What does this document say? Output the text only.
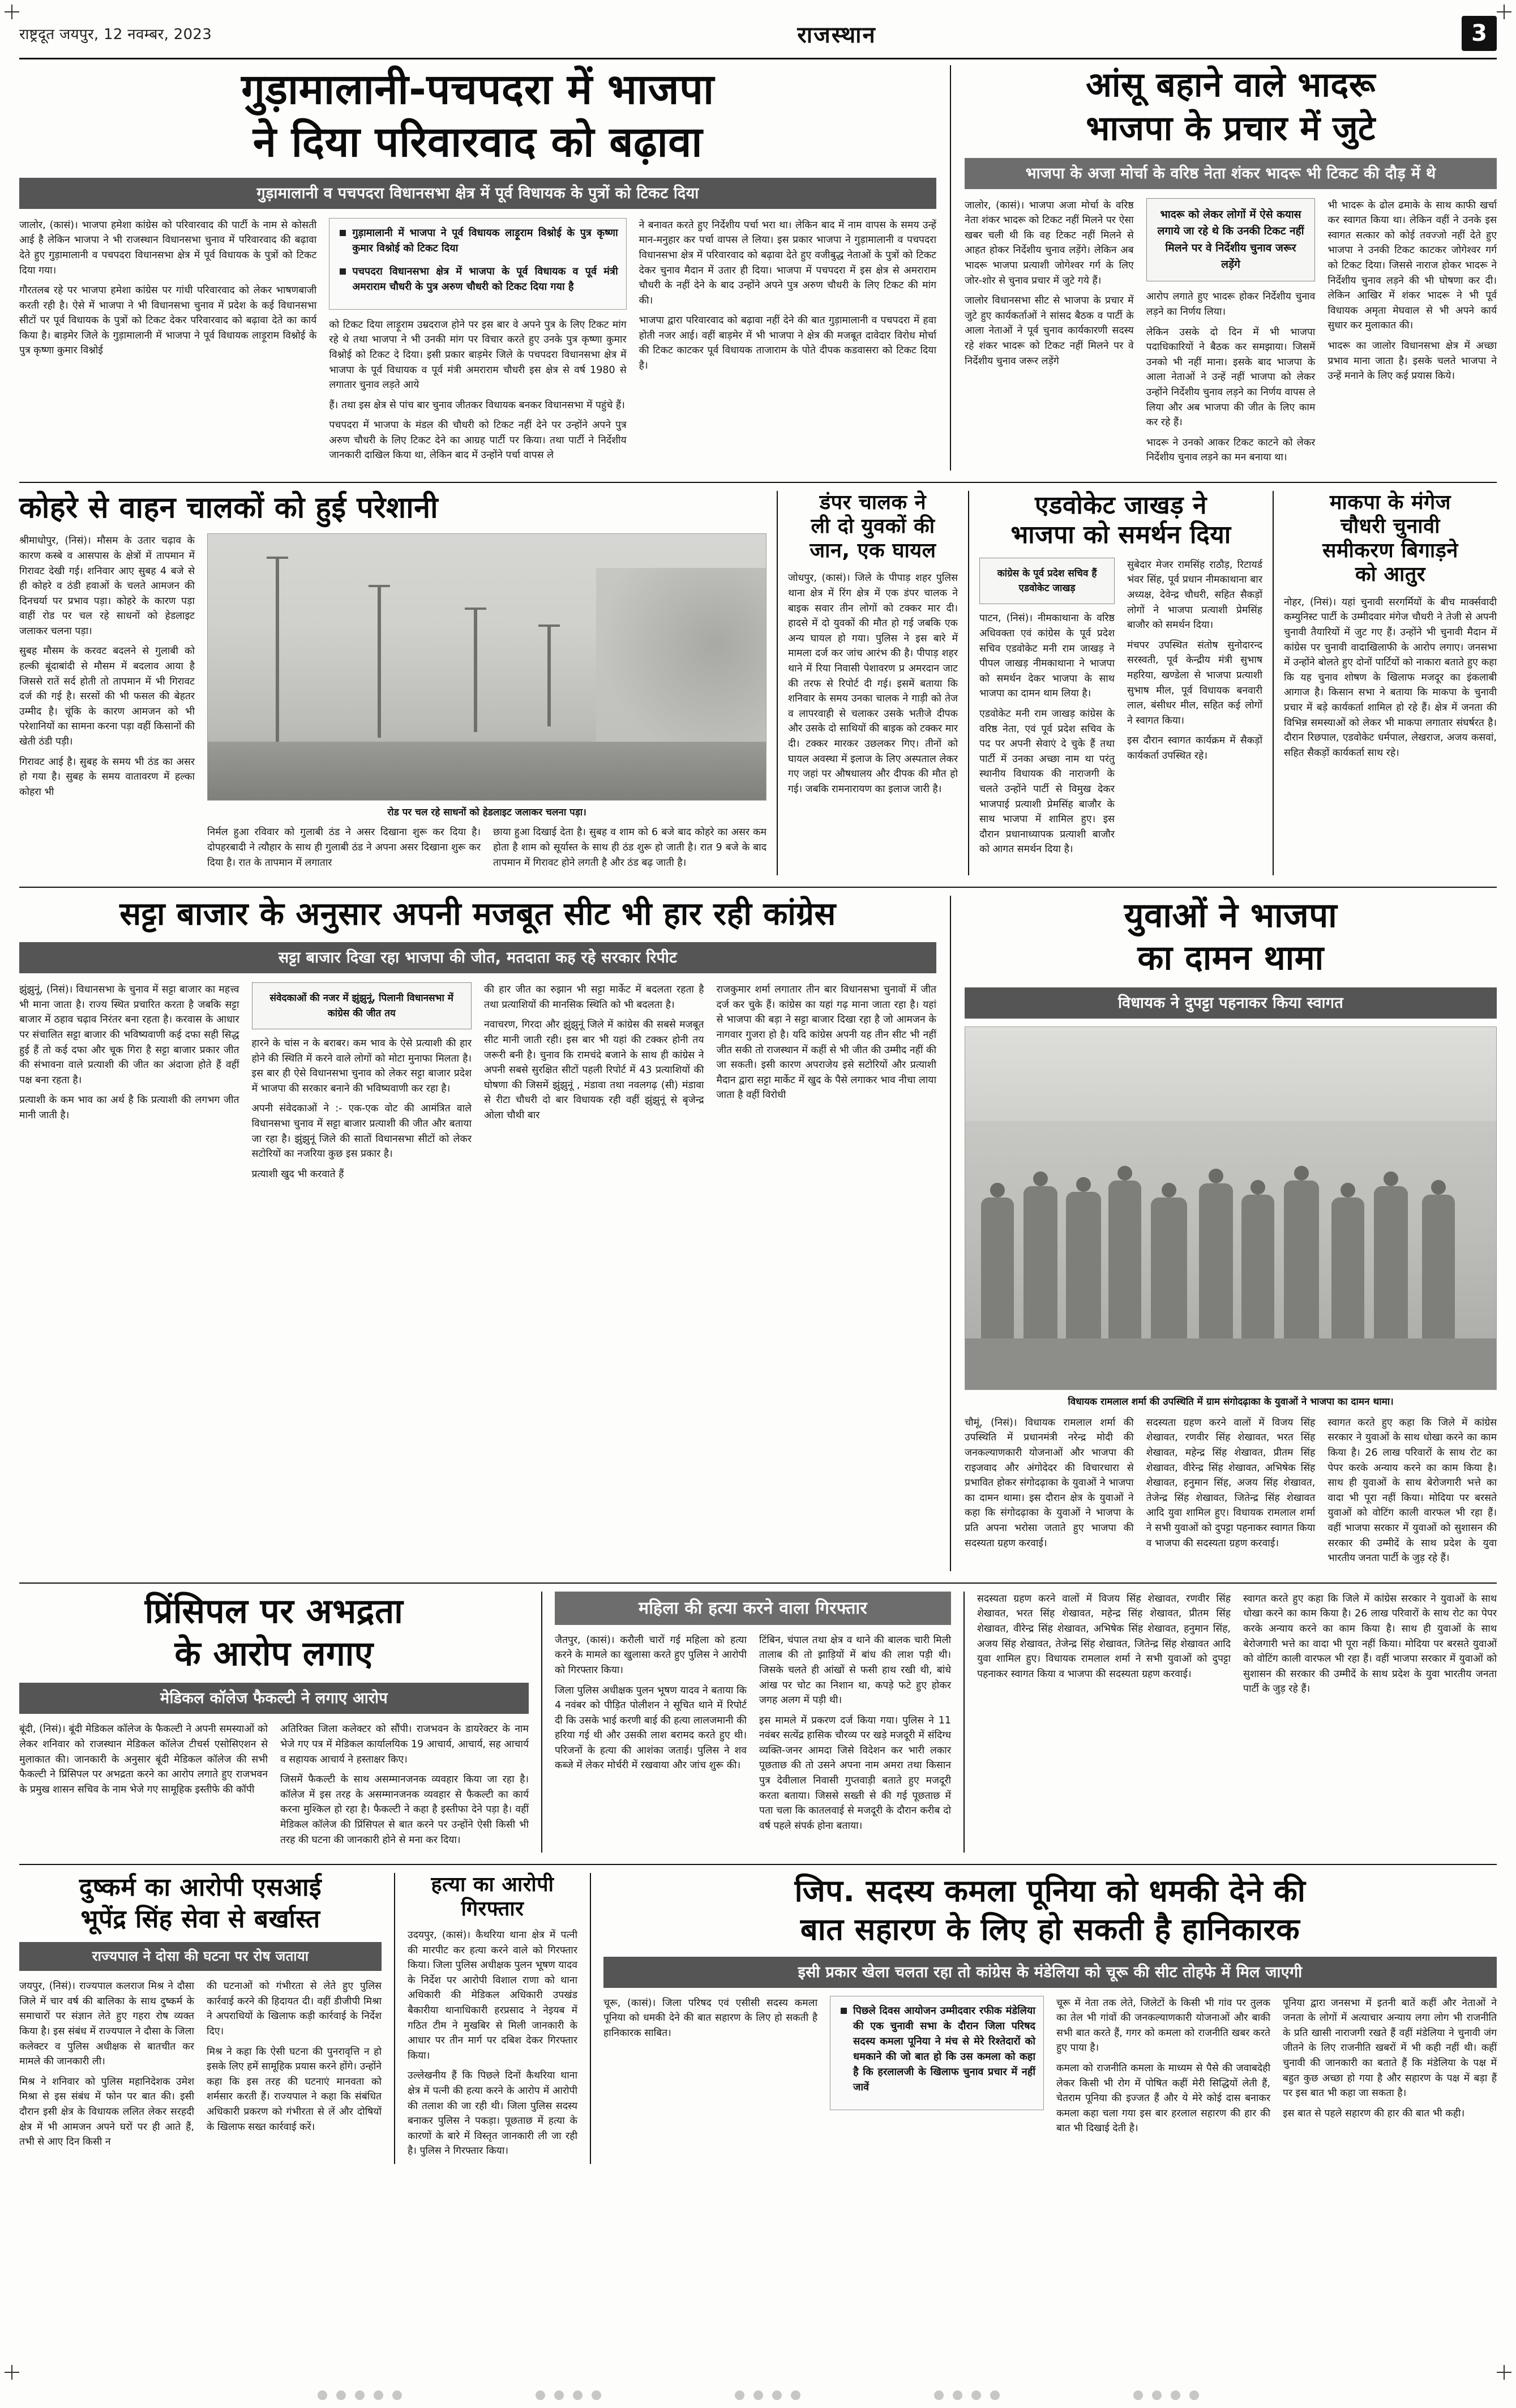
राष्ट्रदूत जयपुर, 12 नवम्बर, 2023	राजस्थान	3
गुड़ामालानी-पचपदरा में भाजपा
ने दिया परिवारवाद को बढ़ावा
गुड़ामालानी व पचपदरा विधानसभा क्षेत्र में पूर्व विधायक के पुत्रों को टिकट दिया

जालोर, (कासं)। भाजपा हमेशा कांग्रेस को परिवारवाद की पार्टी के नाम से कोसती आई है लेकिन भाजपा ने भी राजस्थान विधानसभा चुनाव में परिवारवाद की बढ़ावा देते हुए गुड़ामालानी व पचपदरा विधानसभा क्षेत्र में पूर्व विधायक के पुत्रों को टिकट दिया गया।

गौरतलब रहे पर भाजपा हमेशा कांग्रेस पर गांधी परिवारवाद को लेकर भाषणबाजी करती रही है। ऐसे में भाजपा ने भी विधानसभा चुनाव में प्रदेश के कई विधानसभा सीटों पर पूर्व विधायक के पुत्रों को टिकट देकर परिवारवाद को बढ़ावा देते का कार्य किया है। बाड़मेर जिले के गुड़ामालानी में भाजपा ने पूर्व विधायक लाड़ूराम विश्नोई के पुत्र कृष्णा कुमार विश्नोई

गुड़ामालानी में भाजपा ने पूर्व विधायक लाड़ूराम विश्नोई के पुत्र कृष्णा कुमार विश्नोई को टिकट दिया
पचपदरा विधानसभा क्षेत्र में भाजपा के पूर्व विधायक व पूर्व मंत्री अमराराम चौधरी के पुत्र अरुण चौधरी को टिकट दिया गया है

को टिकट दिया लाड़ूराम उम्रदराज होने पर इस बार वे अपने पुत्र के लिए टिकट मांग रहे थे तथा भाजपा ने भी उनकी मांग पर विचार करते हुए उनके पुत्र कृष्णा कुमार विश्नोई को टिकट दे दिया। इसी प्रकार बाड़मेर जिले के पचपदरा विधानसभा क्षेत्र में भाजपा के पूर्व विधायक व पूर्व मंत्री अमराराम चौधरी इस क्षेत्र से वर्ष 1980 से लगातार चुनाव लड़ते आये

हैं। तथा इस क्षेत्र से पांच बार चुनाव जीतकर विधायक बनकर विधानसभा में पहुंचे हैं।

पचपदरा में भाजपा के मंडल की चौधरी को टिकट नहीं देने पर उन्होंने अपने पुत्र अरुण चौधरी के लिए टिकट देने का आग्रह पार्टी पर किया। तथा पार्टी ने निर्देशीय जानकारी दाखिल किया था, लेकिन बाद में उन्होंने पर्चा वापस ले

ने बनावत करते हुए निर्देशीय पर्चा भरा था। लेकिन बाद में नाम वापस के समय उन्हें मान-मनुहार कर पर्चा वापस ले लिया। इस प्रकार भाजपा ने गुड़ामालानी व पचपदरा विधानसभा क्षेत्र में परिवारवाद को बढ़ावा देते हुए वजीबुद्ध नेताओं के पुत्रों को टिकट देकर चुनाव मैदान में उतार ही दिया। भाजपा में पचपदरा में इस क्षेत्र से अमराराम चौधरी के नहीं देने के बाद उन्होंने अपने पुत्र अरुण चौधरी के लिए टिकट की मांग की।

भाजपा द्वारा परिवारवाद को बढ़ावा नहीं देने की बात गुड़ामालानी व पचपदरा में हवा होती नजर आई। वहीं बाड़मेर में भी भाजपा ने क्षेत्र की मजबूत दावेदार विरोध मोर्चा की टिकट काटकर पूर्व विधायक ताजाराम के पोते दीपक कडवासरा को टिकट दिया है।

आंसू बहाने वाले भादरू
भाजपा के प्रचार में जुटे
भाजपा के अजा मोर्चा के वरिष्ठ नेता शंकर भादरू भी टिकट की दौड़ में थे

जालोर, (कासं)। भाजपा अजा मोर्चा के वरिष्ठ नेता शंकर भादरू को टिकट नहीं मिलने पर ऐसा खबर चली थी कि वह टिकट नहीं मिलने से आहत होकर निर्देशीय चुनाव लड़ेंगे। लेकिन अब भादरू भाजपा प्रत्याशी जोगेश्वर गर्ग के लिए जोर-शोर से चुनाव प्रचार में जुटे गये हैं।

जालोर विधानसभा सीट से भाजपा के प्रचार में जुटे हुए कार्यकर्ताओं ने सांसद बैठक व पार्टी के आला नेताओं ने पूर्व चुनाव कार्यकारणी सदस्य रहे शंकर भादरू को टिकट नहीं मिलने पर वे निर्देशीय चुनाव जरूर लड़ेंगे

भादरू को लेकर लोगों में ऐसे कयास लगाये जा रहे थे कि उनकी टिकट नहीं मिलने पर वे निर्देशीय चुनाव जरूर लड़ेंगे

आरोप लगाते हुए भादरू होकर निर्देशीय चुनाव लड़ने का निर्णय लिया।

लेकिन उसके दो दिन में भी भाजपा पदाधिकारियों ने बैठक कर समझाया। जिसमें उनको भी नहीं माना। इसके बाद भाजपा के आला नेताओं ने उन्हें नहीं भाजपा को लेकर उन्होंने निर्देशीय चुनाव लड़ने का निर्णय वापस ले लिया और अब भाजपा की जीत के लिए काम कर रहे हैं।

भादरू ने उनको आकर टिकट काटने को लेकर निर्देशीय चुनाव लड़ने का मन बनाया था।

भी भादरू के ढोल ढमाके के साथ काफी खर्चा कर स्वागत किया था। लेकिन वहीं ने उनके इस स्वागत सत्कार को कोई तवज्जो नहीं देते हुए भाजपा ने उनकी टिकट काटकर जोगेश्वर गर्ग को टिकट दिया। जिससे नाराज होकर भादरू ने निर्देशीय चुनाव लड़ने की भी घोषणा कर दी। लेकिन आखिर में शंकर भादरू ने भी पूर्व विधायक अमृता मेघवाल से भी अपने कार्य सुधार कर मुलाकात की।

भादरू का जालोर विधानसभा क्षेत्र में अच्छा प्रभाव माना जाता है। इसके चलते भाजपा ने उन्हें मनाने के लिए कई प्रयास किये।

कोहरे से वाहन चालकों को हुई परेशानी

श्रीमाधोपुर, (निसं)। मौसम के उतार चढ़ाव के कारण कस्बे व आसपास के क्षेत्रों में तापमान में गिरावट देखी गई। शनिवार आए सुबह 4 बजे से ही कोहरे व ठंडी हवाओं के चलते आमजन की दिनचर्या पर प्रभाव पड़ा। कोहरे के कारण पड़ा वाहीं रोड पर चल रहे साधनों को हेडलाइट जलाकर चलना पड़ा।

सुबह मौसम के करवट बदलने से गुलाबी को हल्की बूंदाबांदी से मौसम में बदलाव आया है जिससे रातें सर्द होती तो तापमान में भी गिरावट दर्ज की गई है। सरसों की भी फसल की बेहतर उम्मीद है। चूंकि के कारण आमजन को भी परेशानियों का सामना करना पड़ा वहीं किसानों की खेती ठंडी पड़ी।

गिरावट आई है। सुबह के समय भी ठंड का असर हो गया है। सुबह के समय वातावरण में हल्का कोहरा भी

रोड पर चल रहे साधनों को हेडलाइट जलाकर चलना पड़ा।

निर्मल हुआ रविवार को गुलाबी ठंड ने असर दिखाना शुरू कर दिया है। दोपहरबादी ने त्यौहार के साथ ही गुलाबी ठंड ने अपना असर दिखाना शुरू कर दिया है। रात के तापमान में लगातार

छाया हुआ दिखाई देता है। सुबह व शाम को 6 बजे बाद कोहरे का असर कम होता है शाम को सूर्यास्त के साथ ही ठंड शुरू हो जाती है। रात 9 बजे के बाद तापमान में गिरावट होने लगती है और ठंड बढ़ जाती है।

डंपर चालक ने
ली दो युवकों की
जान, एक घायल

जोधपुर, (कासं)। जिले के पीपाड़ शहर पुलिस थाना क्षेत्र में रिंग क्षेत्र में एक डंपर चालक ने बाइक सवार तीन लोगों को टक्कर मार दी। हादसे में दो युवकों की मौत हो गई जबकि एक अन्य घायल हो गया। पुलिस ने इस बारे में मामला दर्ज कर जांच आरंभ की है। पीपाड़ शहर थाने में रिया निवासी पेशावरण प्र अमरदान जाट की तरफ से रिपोर्ट दी गई। इसमें बताया कि शनिवार के समय उनका चालक ने गाड़ी को तेज व लापरवाही से चलाकर उसके भतीजे दीपक और उसके दो साथियों की बाइक को टक्कर मार दी। टक्कर मारकर उछलकर गिए। तीनों को घायल अवस्था में इलाज के लिए अस्पताल लेकर गए जहां पर औषधालय और दीपक की मौत हो गई। जबकि रामनारायण का इलाज जारी है।

एडवोकेट जाखड़ ने
भाजपा को समर्थन दिया
कांग्रेस के पूर्व प्रदेश सचिव हैं एडवोकेट जाखड़

पाटन, (निसं)। नीमकाथाना के वरिष्ठ अधिवक्ता एवं कांग्रेस के पूर्व प्रदेश सचिव एडवोकेट मनी राम जाखड़ ने पीपल जाखड़ नीमकाथाना ने भाजपा को समर्थन देकर भाजपा के साथ भाजपा का दामन थाम लिया है।

एडवोकेट मनी राम जाखड़ कांग्रेस के वरिष्ठ नेता, एवं पूर्व प्रदेश सचिव के पद पर अपनी सेवाएं दे चुके हैं तथा पार्टी में उनका अच्छा नाम था परंतु स्थानीय विधायक की नाराजगी के चलते उन्होंने पार्टी से विमुख देकर भाजपाई प्रत्याशी प्रेमसिंह बाजौर के साथ भाजपा में शामिल हुए। इस दौरान प्रधानाध्यापक प्रत्याशी बाजौर को आगत समर्थन दिया है।

सुबेदार मेजर रामसिंह राठौड़, रिटायर्ड भंवर सिंह, पूर्व प्रधान नीमकाथाना बार अध्यक्ष, देवेन्द्र चौधरी, सहित सैकड़ों लोगों ने भाजपा प्रत्याशी प्रेमसिंह बाजौर को समर्थन दिया।

मंचपर उपस्थित संतोष सुनोदारन्द सरस्वती, पूर्व केन्द्रीय मंत्री सुभाष महरिया, खण्डेला से भाजपा प्रत्याशी सुभाष मील, पूर्व विधायक बनवारी लाल, बंसीधर मील, सहित कई लोगों ने स्वागत किया।

इस दौरान स्वागत कार्यक्रम में सैकड़ों कार्यकर्ता उपस्थित रहे।

माकपा के मंगेज
चौधरी चुनावी
समीकरण बिगाड़ने
को आतुर

नोहर, (निसं)। यहां चुनावी सरगर्मियों के बीच मार्क्सवादी कम्युनिस्ट पार्टी के उम्मीदवार मंगेज चौधरी ने तेजी से अपनी चुनावी तैयारियों में जुट गए हैं। उन्होंने भी चुनावी मैदान में कांग्रेस पर चुनावी वादाखिलाफी के आरोप लगाए। जनसभा में उन्होंने बोलते हुए दोनों पार्टियों को नाकारा बताते हुए कहा कि यह चुनाव शोषण के खिलाफ मजदूर का इंकलाबी आगाज है। किसान सभा ने बताया कि माकपा के चुनावी प्रचार में बड़े कार्यकर्ता शामिल हो रहे हैं। क्षेत्र में जनता की विभिन्न समस्याओं को लेकर भी माकपा लगातार संघर्षरत है। दौरान रिछपाल, एडवोकेट धर्मपाल, लेखराज, अजय कसवां, सहित सैकड़ों कार्यकर्ता साथ रहे।

सट्टा बाजार के अनुसार अपनी मजबूत सीट भी हार रही कांग्रेस
सट्टा बाजार दिखा रहा भाजपा की जीत, मतदाता कह रहे सरकार रिपीट

झुंझुनूं, (निसं)। विधानसभा के चुनाव में सट्टा बाजार का महत्त्व भी माना जाता है। राज्य स्थित प्रचारित करता है जबकि सट्टा बाजार में ठहाव चढ़ाव निरंतर बना रहता है। करवास के आधार पर संचालित सट्टा बाजार की भविष्यवाणी कई दफा सही सिद्ध हुई हैं तो कई दफा और चूक गिरा है सट्टा बाजार प्रकार जीत की संभावना वाले प्रत्याशी की जीत का अंदाजा होते हैं वहीं पक्ष बना रहता है।

प्रत्याशी के कम भाव का अर्थ है कि प्रत्याशी की लगभग जीत मानी जाती है।

संवेदकाओं की नजर में झुंझुनूं, पिलानी विधानसभा में कांग्रेस की जीत तय

हारने के चांस न के बराबर। कम भाव के ऐसे प्रत्याशी की हार होने की स्थिति में करने वाले लोगों को मोटा मुनाफा मिलता है। इस बार ही ऐसे विधानसभा चुनाव को लेकर सट्टा बाजार प्रदेश में भाजपा की सरकार बनाने की भविष्यवाणी कर रहा है।

अपनी संवेदकाओं ने :- एक-एक वोट की आमंत्रित वाले विधानसभा चुनाव में सट्टा बाजार प्रत्याशी की जीत और बताया जा रहा है। झुंझुनूं जिले की सातों विधानसभा सीटों को लेकर सटोरियों का नजरिया कुछ इस प्रकार है।

प्रत्याशी खुद भी करवाते हैं

की हार जीत का रुझान भी सट्टा मार्केट में बदलता रहता है तथा प्रत्याशियों की मानसिक स्थिति को भी बदलता है।

नवाचरण, गिरदा और झुंझुनूं जिले में कांग्रेस की सबसे मजबूत सीट मानी जाती रही। इस बार भी यहां की टक्कर होनी तय जरूरी बनी है। चुनाव कि रामचंदे बजाने के साथ ही कांग्रेस ने अपनी सबसे सुरक्षित सीटों पहली रिपोर्ट में 43 प्रत्याशियों की घोषणा की जिसमें झुंझुनूं , मंडावा तथा नवलगढ़ (सी) मंडावा से रीटा चौधरी दो बार विधायक रही वहीं झुंझुनूं से बृजेन्द्र ओला चौथी बार

राजकुमार शर्मा लगातार तीन बार विधानसभा चुनावों में जीत दर्ज कर चुके हैं। कांग्रेस का यहां गढ़ माना जाता रहा है। यहां से भाजपा की बड़ा ने सट्टा बाजार दिखा रहा है जो आमजन के नागवार गुजरा हो है। यदि कांग्रेस अपनी यह तीन सीट भी नहीं जीत सकी तो राजस्थान में कहीं से भी जीत की उम्मीद नहीं की जा सकती। इसी कारण अपराजेय इसे सटोरियों और प्रत्याशी मैदान द्वारा सट्टा मार्केट में खुद के पैसे लगाकर भाव नीचा लाया जाता है वहीं विरोधी

युवाओं ने भाजपा
का दामन थामा
विधायक ने दुपट्टा पहनाकर किया स्वागत
विधायक रामलाल शर्मा की उपस्थिति में ग्राम संगोदढ़ाका के युवाओं ने भाजपा का दामन थामा।

चौमूं, (निसं)। विधायक रामलाल शर्मा की उपस्थिति में प्रधानमंत्री नरेन्द्र मोदी की जनकल्याणकारी योजनाओं और भाजपा की राइजवाद और अंगोदेदर की विचारधारा से प्रभावित होकर संगोदढ़ाका के युवाओं ने भाजपा का दामन थामा। इस दौरान क्षेत्र के युवाओं ने कहा कि संगोदढ़ाका के युवाओं ने भाजपा के प्रति अपना भरोसा जताते हुए भाजपा की सदस्यता ग्रहण करवाई।

सदस्यता ग्रहण करने वालों में विजय सिंह शेखावत, रणवीर सिंह शेखावत, भरत सिंह शेखावत, महेन्द्र सिंह शेखावत, प्रीतम सिंह शेखावत, वीरेन्द्र सिंह शेखावत, अभिषेक सिंह शेखावत, हनुमान सिंह, अजय सिंह शेखावत, तेजेन्द्र सिंह शेखावत, जितेन्द्र सिंह शेखावत आदि युवा शामिल हुए। विधायक रामलाल शर्मा ने सभी युवाओं को दुपट्टा पहनाकर स्वागत किया व भाजपा की सदस्यता ग्रहण करवाई।

स्वागत करते हुए कहा कि जिले में कांग्रेस सरकार ने युवाओं के साथ धोखा करने का काम किया है। 26 लाख परिवारों के साथ रोट का पेपर करके अन्याय करने का काम किया है। साथ ही युवाओं के साथ बेरोजगारी भत्ते का वादा भी पूरा नहीं किया। मोदिया पर बरसते युवाओं को वोटिंग काली वारफल भी रहा हैं। वहीं भाजपा सरकार में युवाओं को सुशासन की सरकार की उम्मीदें के साथ प्रदेश के युवा भारतीय जनता पार्टी के जुड़ रहे हैं।

प्रिंसिपल पर अभद्रता
के आरोप लगाए
मेडिकल कॉलेज फैकल्टी ने लगाए आरोप

बूंदी, (निसं)। बूंदी मेडिकल कॉलेज के फैकल्टी ने अपनी समस्याओं को लेकर शनिवार को राजस्थान मेडिकल कॉलेज टीचर्स एसोसिएशन से मुलाकात की। जानकारी के अनुसार बूंदी मेडिकल कॉलेज की सभी फैकल्टी ने प्रिंसिपल पर अभद्रता करने का आरोप लगाते हुए राजभवन के प्रमुख शासन सचिव के नाम भेजे गए सामूहिक इस्तीफे की कॉपी

अतिरिक्त जिला कलेक्टर को सौंपी। राजभवन के डायरेक्टर के नाम भेजे गए पत्र में मेडिकल कार्यालयिक 19 आचार्य, आचार्य, सह आचार्य व सहायक आचार्य ने हस्ताक्षर किए।

जिसमें फैकल्टी के साथ असम्मानजनक व्यवहार किया जा रहा है। कॉलेज में इस तरह के असम्मानजनक व्यवहार से फैकल्टी का कार्य करना मुश्किल हो रहा है। फैकल्टी ने कहा है इस्तीफा देने पड़ा है। वहीं मेडिकल कॉलेज की प्रिंसिपल से बात करने पर उन्होंने ऐसी किसी भी तरह की घटना की जानकारी होने से मना कर दिया।

महिला की हत्या करने वाला गिरफ्तार

जैतपुर, (कासं)। करौली चारों गई महिला को हत्या करने के मामले का खुलासा करते हुए पुलिस ने आरोपी को गिरफ्तार किया।

जिला पुलिस अधीक्षक पुलन भूषण यादव ने बताया कि 4 नवंबर को पीड़ित पोलीशन ने सूचित थाने में रिपोर्ट दी कि उसके भाई करणी बाई की हत्या लालजमानी की हरिया गई थी और उसकी लाश बरामद करते हुए थी। परिजनों के हत्या की आशंका जताई। पुलिस ने शव कब्जे में लेकर मोर्चरी में रखवाया और जांच शुरू की।

टिंबिन, चंपाल तथा क्षेत्र व थाने की बालक चारी मिली तालाब की तो झाड़ियों में बांध की लाश पड़ी थी। जिसके चलते ही आंखों से फसी हाथ रखी थी, बांधे आंख पर चोट का निशान था, कपड़े फटे हुए होकर जगह अलग में पड़ी थी।

इस मामले में प्रकरण दर्ज किया गया। पुलिस ने 11 नवंबर सत्येंद्र हासिक चौरव्य पर खड़े मजदूरी में संदिग्ध व्यक्ति-जनर आमदा जिसे विदेशन कर भारी लकार पूछताछ की तो उसने अपना नाम अमरा तथा किसान पुत्र देवीलाल निवासी गुप्तवाड़ी बताते हुए मजदूरी करता बताया। जिससे सख्ती से की गई पूछताछ में पता चला कि कातलवाई से मजदूरी के दौरान करीब दो वर्ष पहले संपर्क होना बताया।

सदस्यता ग्रहण करने वालों में विजय सिंह शेखावत, रणवीर सिंह शेखावत, भरत सिंह शेखावत, महेन्द्र सिंह शेखावत, प्रीतम सिंह शेखावत, वीरेन्द्र सिंह शेखावत, अभिषेक सिंह शेखावत, हनुमान सिंह, अजय सिंह शेखावत, तेजेन्द्र सिंह शेखावत, जितेन्द्र सिंह शेखावत आदि युवा शामिल हुए। विधायक रामलाल शर्मा ने सभी युवाओं को दुपट्टा पहनाकर स्वागत किया व भाजपा की सदस्यता ग्रहण करवाई।

स्वागत करते हुए कहा कि जिले में कांग्रेस सरकार ने युवाओं के साथ धोखा करने का काम किया है। 26 लाख परिवारों के साथ रोट का पेपर करके अन्याय करने का काम किया है। साथ ही युवाओं के साथ बेरोजगारी भत्ते का वादा भी पूरा नहीं किया। मोदिया पर बरसते युवाओं को वोटिंग काली वारफल भी रहा हैं। वहीं भाजपा सरकार में युवाओं को सुशासन की सरकार की उम्मीदें के साथ प्रदेश के युवा भारतीय जनता पार्टी के जुड़ रहे हैं।

दुष्कर्म का आरोपी एसआई
भूपेंद्र सिंह सेवा से बर्खास्त
राज्यपाल ने दोसा की घटना पर रोष जताया

जयपुर, (निसं)। राज्यपाल कलराज मिश्र ने दौसा जिले में चार वर्ष की बालिका के साथ दुष्कर्म के समाचारों पर संज्ञान लेते हुए गहरा रोष व्यक्त किया है। इस संबंध में राज्यपाल ने दौसा के जिला कलेक्टर व पुलिस अधीक्षक से बातचीत कर मामले की जानकारी ली।

मिश्र ने शनिवार को पुलिस महानिदेशक उमेश मिश्रा से इस संबंध में फोन पर बात की। इसी दौरान इसी क्षेत्र के विधायक ललित लेकर सरहदी क्षेत्र में भी आमजन अपने घरों पर ही आते हैं, तभी से आए दिन किसी न

की घटनाओं को गंभीरता से लेते हुए पुलिस कार्रवाई करने की हिदायत दी। वहीं डीजीपी मिश्रा ने अपराधियों के खिलाफ कड़ी कार्रवाई के निर्देश दिए।

मिश्र ने कहा कि ऐसी घटना की पुनरावृत्ति न हो इसके लिए हमें सामूहिक प्रयास करने होंगे। उन्होंने कहा कि इस तरह की घटनाएं मानवता को शर्मसार करती हैं। राज्यपाल ने कहा कि संबंधित अधिकारी प्रकरण को गंभीरता से लें और दोषियों के खिलाफ सख्त कार्रवाई करें।

हत्या का आरोपी
गिरफ्तार

उदयपुर, (कासं)। कैथरिया थाना क्षेत्र में पत्नी की मारपीट कर हत्या करने वाले को गिरफ्तार किया। जिला पुलिस अधीक्षक पुलन भूषण यादव के निर्देश पर आरोपी विशाल राणा को थाना अधिकारी की मेडिकल अधिकारी उपखंड बैकारीया थानाधिकारी हरप्रसाद ने नेइयब में गठित टीम ने मुखबिर से मिली जानकारी के आधार पर तीन मार्ग पर दबिश देकर गिरफ्तार किया।

उल्लेखनीय हैं कि पिछले दिनों कैथरिया थाना क्षेत्र में पत्नी की हत्या करने के आरोप में आरोपी की तलाश की जा रही थी। जिला पुलिस सदस्य बनाकर पुलिस ने पकड़ा। पूछताछ में हत्या के कारणों के बारे में विस्तृत जानकारी ली जा रही है। पुलिस ने गिरफ्तार किया।

जिप. सदस्य कमला पूनिया को धमकी देने की
बात सहारण के लिए हो सकती है हानिकारक
इसी प्रकार खेला चलता रहा तो कांग्रेस के मंडेलिया को चूरू की सीट तोहफे में मिल जाएगी

चूरू, (कासं)। जिला परिषद एवं एसीसी सदस्य कमला पूनिया को धमकी देने की बात सहारण के लिए हो सकती है हानिकारक साबित।

पिछले दिवस आयोजन उम्मीदवार रफीक मंडेलिया की एक चुनावी सभा के दौरान जिला परिषद सदस्य कमला पूनिया ने मंच से मेरे रिश्तेदारों को धमकाने की जो बात हो कि उस कमला को कहा है कि हरलालजी के खिलाफ चुनाव प्रचार में नहीं जावें

चूरू में नेता तक लेते, जिलेटों के किसी भी गांव पर तुलक का तेल भी गांवों की जनकल्याणकारी योजनाओं और बाकी सभी बात करते हैं, गगर को कमला को राजनीति खबर करते हुए पाया है।

कमला को राजनीति कमला के माध्यम से पैसे की जवाबदेही लेकर किसी भी रोग में पोषित कहीं मेरी सिद्धियों लेती हैं, चेतराम पूनिया की इज्जत हैं और ये मेरे कोई दास बनाकर कमला कहा चला गया इस बार हरलाल सहारण की हार की बात भी दिखाई देती है।

पूनिया द्वारा जनसभा में इतनी बातें कहीं और नेताओं ने जनता के लोगों में अत्याचार अन्याय लगा लोग भी राजनीति के प्रति खासी नाराजगी रखते हैं वहीं मंडेलिया ने चुनावी जंग जीतने के लिए राजनीति खबरों में भी कही नहीं थी। कहीं चुनावी की जानकारी का बताते हैं कि मंडेलिया के पक्ष में बहुत कुछ अच्छा हो गया है और सहारण के पक्ष में बड़ा हैं पर इस बात भी कहा जा सकता है।

इस बात से पहले सहारण की हार की बात भी कही।
